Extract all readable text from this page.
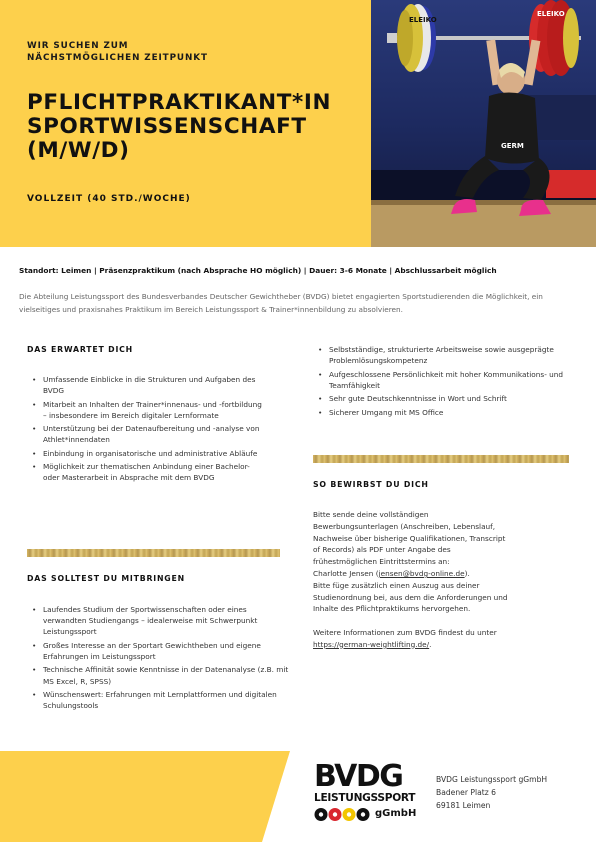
ELEIKO
ELEIKO
GERM
WIR SUCHEN ZUM
NÄCHSTMÖGLICHEN ZEITPUNKT
PFLICHTPRAKTIKANT*IN
SPORTWISSENSCHAFT
(M/W/D)
VOLLZEIT (40 STD./WOCHE)
Standort: Leimen | Präsenzpraktikum (nach Absprache HO möglich) | Dauer: 3-6 Monate | Abschlussarbeit möglich

Die Abteilung Leistungssport des Bundesverbandes Deutscher Gewichtheber (BVDG) bietet engagierten Sportstudierenden die Möglichkeit, ein vielseitiges und praxisnahes Praktikum im Bereich Leistungssport & Trainer*innenbildung zu absolvieren.

DAS ERWARTET DICH
• Umfassende Einblicke in die Strukturen und Aufgaben des BVDG
• Mitarbeit an Inhalten der Trainer*innenaus- und -fortbildung – insbesondere im Bereich digitaler Lernformate
• Unterstützung bei der Datenaufbereitung und -analyse von Athlet*innendaten
• Einbindung in organisatorische und administrative Abläufe
• Möglichkeit zur thematischen Anbindung einer Bachelor- oder Masterarbeit in Absprache mit dem BVDG
DAS SOLLTEST DU MITBRINGEN
• Laufendes Studium der Sportwissenschaften oder eines verwandten Studiengangs – idealerweise mit Schwerpunkt Leistungssport
• Großes Interesse an der Sportart Gewichtheben und eigene Erfahrungen im Leistungssport
• Technische Affinität sowie Kenntnisse in der Datenanalyse (z.B. mit MS Excel, R, SPSS)
• Wünschenswert: Erfahrungen mit Lernplattformen und digitalen Schulungstools
• Selbstständige, strukturierte Arbeitsweise sowie ausgeprägte Problemlösungskompetenz
• Aufgeschlossene Persönlichkeit mit hoher Kommunikations- und Teamfähigkeit
• Sehr gute Deutschkenntnisse in Wort und Schrift
• Sicherer Umgang mit MS Office
SO BEWIRBST DU DICH
Bitte sende deine vollständigen
Bewerbungsunterlagen (Anschreiben, Lebenslauf,
Nachweise über bisherige Qualifikationen, Transcript
of Records) als PDF unter Angabe des
frühestmöglichen Eintrittstermins an:
Charlotte Jensen (jensen@bvdg-online.de).
Bitte füge zusätzlich einen Auszug aus deiner
Studienordnung bei, aus dem die Anforderungen und
Inhalte des Pflichtpraktikums hervorgehen.
Weitere Informationen zum BVDG findest du unter
https://german-weightlifting.de/.
BVDG
LEISTUNGSSPORT
gGmbH
BVDG Leistungssport gGmbH
Badener Platz 6
69181 Leimen
